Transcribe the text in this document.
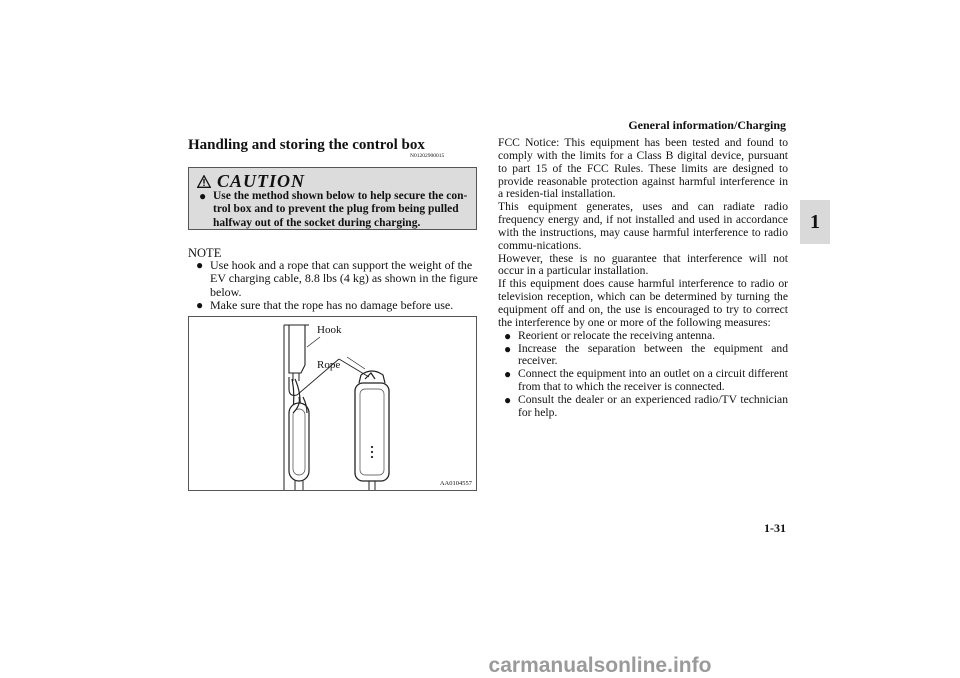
General information/Charging
1
Handling and storing the control box
N01202900015
CAUTION
● Use the method shown below to help secure the con-trol box and to prevent the plug from being pulled halfway out of the socket during charging.
NOTE
● Use hook and a rope that can support the weight of the EV charging cable, 8.8 lbs (4 kg) as shown in the figure below.
● Make sure that the rope has no damage before use.
Hook
Rope
AA0104557

FCC Notice: This equipment has been tested and found to comply with the limits for a Class B digital device, pursuant to part 15 of the FCC Rules. These limits are designed to provide reasonable protection against harmful interference in a residen-tial installation.

This equipment generates, uses and can radiate radio frequency energy and, if not installed and used in accordance with the instructions, may cause harmful interference to radio commu-nications.

However, these is no guarantee that interference will not occur in a particular installation.

If this equipment does cause harmful interference to radio or television reception, which can be determined by turning the equipment off and on, the use is encouraged to try to correct the interference by one or more of the following measures:

● Reorient or relocate the receiving antenna.
● Increase the separation between the equipment and receiver.
● Connect the equipment into an outlet on a circuit different from that to which the receiver is connected.
● Consult the dealer or an experienced radio/TV technician for help.
1-31
carmanualsonline.info
